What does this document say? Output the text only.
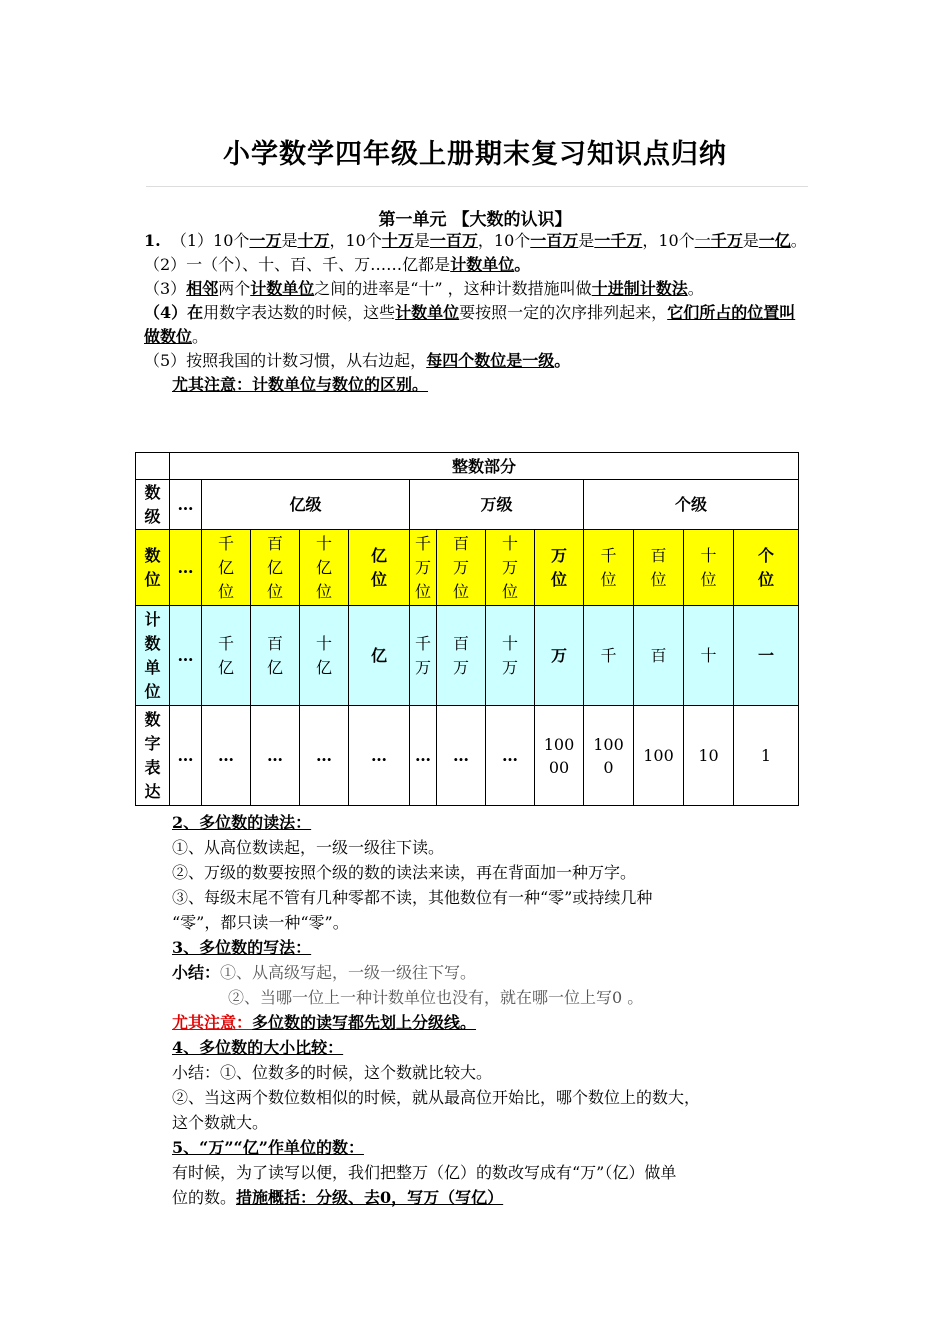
小学数学四年级上册期末复习知识点归纳
第一单元 【大数的认识】

1. （1）10个一万是十万，10个十万是一百万，10个一百万是一千万，10个一千万是一亿。

（2）一（个）、十、百、千、万……亿都是计数单位。

（3）相邻两个计数单位之间的进率是“十” ，这种计数措施叫做十进制计数法。

（4）在用数字表达数的时候，这些计数单位要按照一定的次序排列起来，它们所占的位置叫做数位。

（5）按照我国的计数习惯，从右边起，每四个数位是一级。

尤其注意：计数单位与数位的区别。

	整数部分												
数级	…	亿级				万级				个级			
数位	…	千亿位	百亿位	十亿位	亿位	千万位	百万位	十万位	万位	千位	百位	十位	个位
计数单位	…	千亿	百亿	十亿	亿	千万	百万	十万	万	千	百	十	一
数字表达	…	…	…	…	…	…	…	…	10000	1000	100	10	1

2、多位数的读法：

①、从高位数读起，一级一级往下读。

②、万级的数要按照个级的数的读法来读，再在背面加一种万字。

③、每级末尾不管有几种零都不读，其他数位有一种“零”或持续几种

“零”，都只读一种“零”。

3、多位数的写法：

小结：①、从高级写起，一级一级往下写。

②、当哪一位上一种计数单位也没有，就在哪一位上写0 。

尤其注意：多位数的读写都先划上分级线。

4、多位数的大小比较：

小结：①、位数多的时候，这个数就比较大。

②、当这两个数位数相似的时候，就从最高位开始比，哪个数位上的数大，

这个数就大。

5、“万”“亿”作单位的数：

有时候，为了读写以便，我们把整万（亿）的数改写成有“万”（亿）做单

位的数。措施概括：分级、去0，写万（写亿）
